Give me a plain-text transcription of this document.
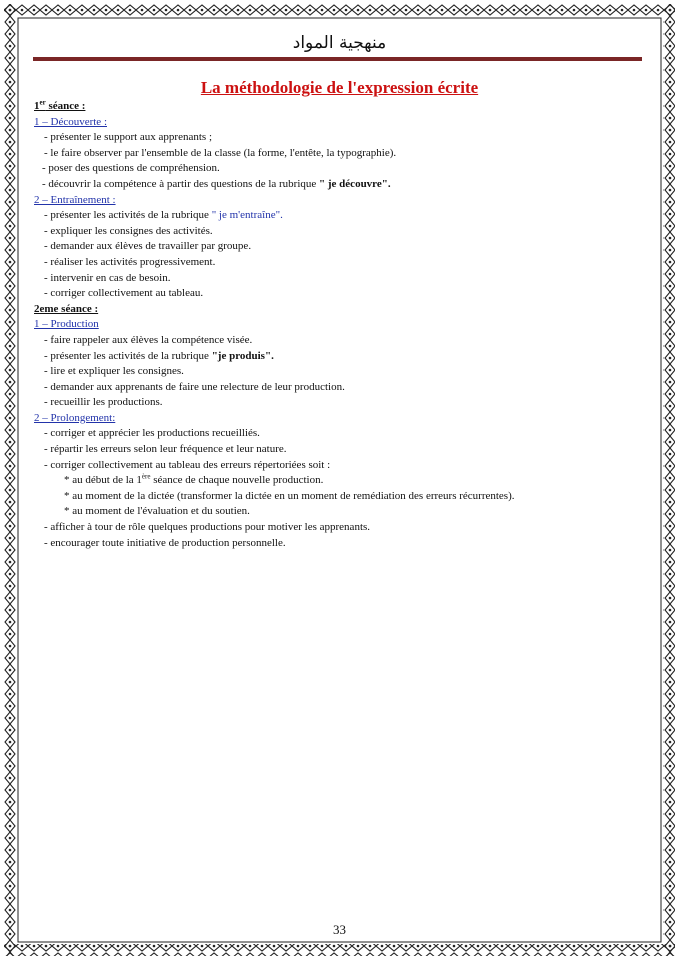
منهجية المواد
La méthodologie de l'expression écrite
1er séance :
1 – Découverte :
- présenter le support aux apprenants ;
- le faire observer par l'ensemble de la classe (la forme, l'entête, la typographie).
- poser des questions de compréhension.
- découvrir la compétence à partir des questions de la rubrique " je découvre".
2 – Entraînement :
- présenter les activités de la rubrique " je m'entraîne".
- expliquer les consignes des activités.
- demander aux élèves de travailler par groupe.
- réaliser les activités progressivement.
- intervenir en cas de besoin.
- corriger collectivement au tableau.
2eme séance :
1 – Production
- faire rappeler aux élèves la compétence visée.
- présenter les activités de la rubrique "je produis".
- lire et expliquer les consignes.
- demander aux apprenants de faire une relecture de leur production.
- recueillir les productions.
2 – Prolongement:
- corriger et apprécier les productions recueilliés.
- répartir les erreurs selon leur fréquence et leur nature.
- corriger collectivement au tableau des erreurs répertoriées soit :
* au début de la 1ère séance de chaque nouvelle production.
* au moment de la dictée (transformer la dictée en un moment de remédiation des erreurs récurrentes).
* au moment de l'évaluation et du soutien.
- afficher à tour de rôle quelques productions pour motiver les apprenants.
- encourager toute initiative de production personnelle.
33
